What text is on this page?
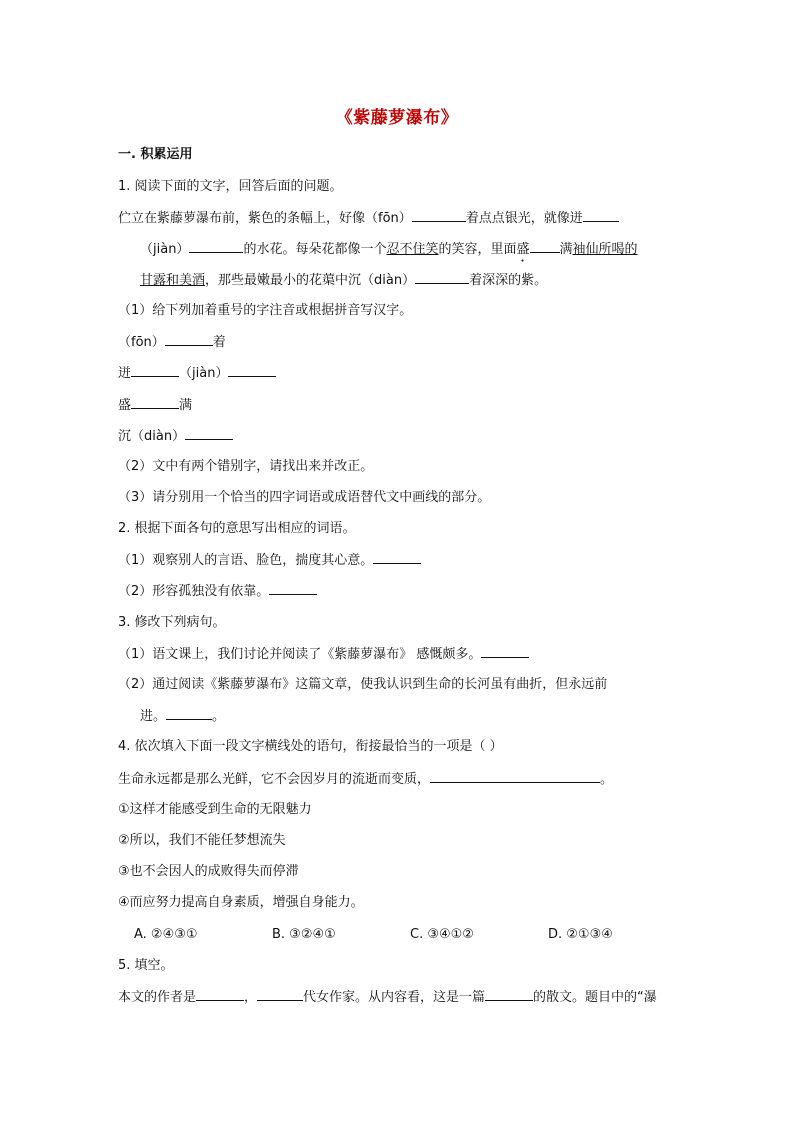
《紫藤萝瀑布》
一. 积累运用
1. 阅读下面的文字，回答后面的问题。
伫立在紫藤萝瀑布前，紫色的条幅上，好像（fōn）	着点点银光，就像迸
（jiàn）	的水花。每朵花都像一个忍不住笑的笑容，里面盛 满袖仙所喝的
甘露和美酒，那些最嫩最小的花蕖中沉（diàn）	着深深的紫。
（1）给下列加着重号的字注音或根据拼音写汉字。
（fōn）	着
迸	（jiàn）
盛	满
沉（diàn）
（2）文中有两个错别字，请找出来并改正。
（3）请分别用一个恰当的四字词语或成语替代文中画线的部分。
2. 根据下面各句的意思写出相应的词语。
（1）观察别人的言语、脸色，揣度其心意。
（2）形容孤独没有依靠。
3. 修改下列病句。
（1）语文课上，我们讨论并阅读了《紫藤萝瀑布》 感慨颇多。
（2）通过阅读《紫藤萝瀑布》这篇文章，使我认识到生命的长河虽有曲折，但永远前
进。	。
4. 依次填入下面一段文字横线处的语句，衔接最恰当的一项是（ ）
生命永远都是那么光鲜，它不会因岁月的流逝而变质，	。
①这样才能感受到生命的无限魅力
②所以，我们不能任梦想流失
③也不会因人的成败得失而停滞
④而应努力提高自身素质，增强自身能力。
A. ②④③①	B. ③②④①	C. ③④①②	D. ②①③④
5. 填空。
本文的作者是	，	代女作家。从内容看，这是一篇	的散文。题目中的“瀑
